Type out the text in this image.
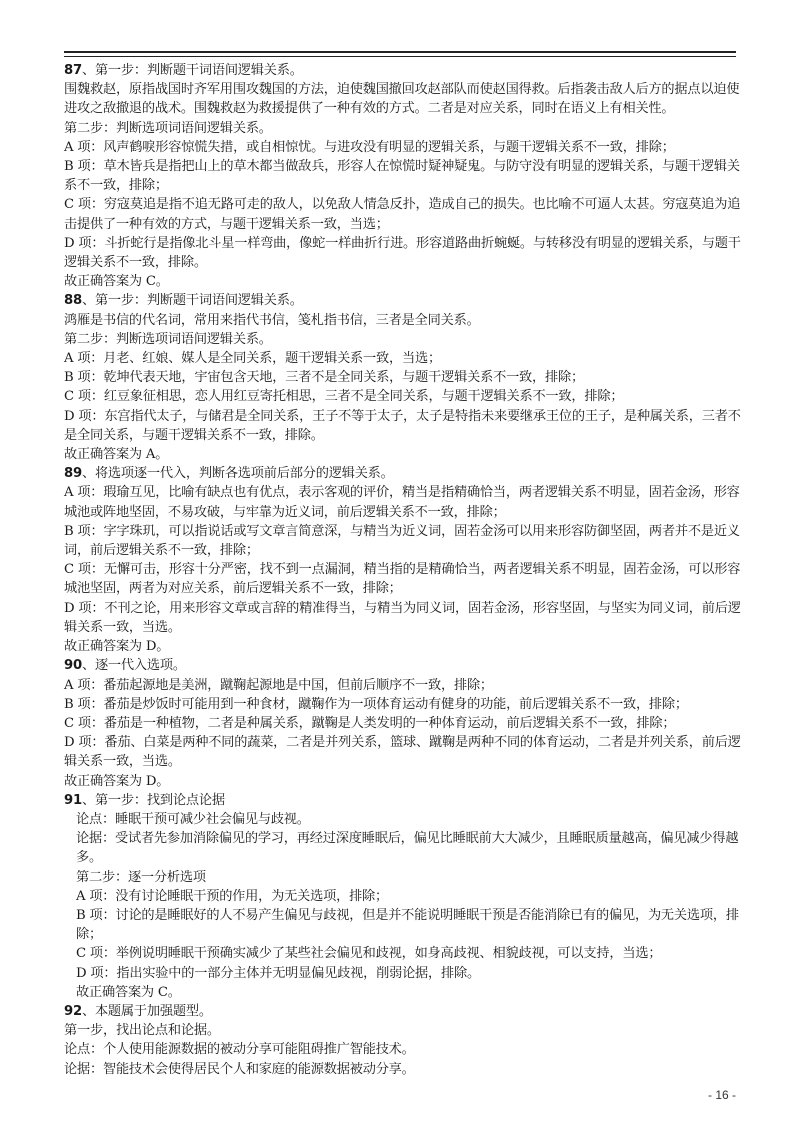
87、第一步：判断题干词语间逻辑关系。

围魏救赵，原指战国时齐军用围攻魏国的方法，迫使魏国撤回攻赵部队而使赵国得救。后指袭击敌人后方的据点以迫使进攻之敌撤退的战术。围魏救赵为救援提供了一种有效的方式。二者是对应关系，同时在语义上有相关性。

第二步：判断选项词语间逻辑关系。

A 项：风声鹤唳形容惊慌失措，或自相惊忧。与进攻没有明显的逻辑关系，与题干逻辑关系不一致，排除；

B 项：草木皆兵是指把山上的草木都当做敌兵，形容人在惊慌时疑神疑鬼。与防守没有明显的逻辑关系，与题干逻辑关系不一致，排除；

C 项：穷寇莫追是指不追无路可走的敌人，以免敌人情急反扑，造成自己的损失。也比喻不可逼人太甚。穷寇莫追为追击提供了一种有效的方式，与题干逻辑关系一致，当选；

D 项：斗折蛇行是指像北斗星一样弯曲，像蛇一样曲折行进。形容道路曲折蜿蜒。与转移没有明显的逻辑关系，与题干逻辑关系不一致，排除。

故正确答案为 C。

88、第一步：判断题干词语间逻辑关系。

鸿雁是书信的代名词，常用来指代书信，笺札指书信，三者是全同关系。

第二步：判断选项词语间逻辑关系。

A 项：月老、红娘、媒人是全同关系，题干逻辑关系一致，当选；

B 项：乾坤代表天地，宇宙包含天地，三者不是全同关系，与题干逻辑关系不一致，排除；

C 项：红豆象征相思，恋人用红豆寄托相思，三者不是全同关系，与题干逻辑关系不一致，排除；

D 项：东宫指代太子，与储君是全同关系，王子不等于太子，太子是特指未来要继承王位的王子，是种属关系，三者不是全同关系，与题干逻辑关系不一致，排除。

故正确答案为 A。

89、将选项逐一代入，判断各选项前后部分的逻辑关系。

A 项：瑕瑜互见，比喻有缺点也有优点，表示客观的评价，精当是指精确恰当，两者逻辑关系不明显，固若金汤，形容城池或阵地坚固，不易攻破，与牢靠为近义词，前后逻辑关系不一致，排除；

B 项：字字珠玑，可以指说话或写文章言简意深，与精当为近义词，固若金汤可以用来形容防御坚固，两者并不是近义词，前后逻辑关系不一致，排除；

C 项：无懈可击，形容十分严密，找不到一点漏洞，精当指的是精确恰当，两者逻辑关系不明显，固若金汤，可以形容城池坚固，两者为对应关系，前后逻辑关系不一致，排除；

D 项：不刊之论，用来形容文章或言辞的精准得当，与精当为同义词，固若金汤，形容坚固，与坚实为同义词，前后逻辑关系一致，当选。

故正确答案为 D。

90、逐一代入选项。

A 项：番茄起源地是美洲，蹴鞠起源地是中国，但前后顺序不一致，排除；

B 项：番茄是炒饭时可能用到一种食材，蹴鞠作为一项体育运动有健身的功能，前后逻辑关系不一致，排除；

C 项：番茄是一种植物，二者是种属关系，蹴鞠是人类发明的一种体育运动，前后逻辑关系不一致，排除；

D 项：番茄、白菜是两种不同的蔬菜，二者是并列关系，篮球、蹴鞠是两种不同的体育运动，二者是并列关系，前后逻辑关系一致，当选。

故正确答案为 D。

91、第一步：找到论点论据

论点：睡眠干预可减少社会偏见与歧视。

论据：受试者先参加消除偏见的学习，再经过深度睡眠后，偏见比睡眠前大大减少，且睡眠质量越高，偏见减少得越多。

第二步：逐一分析选项

A 项：没有讨论睡眠干预的作用，为无关选项，排除；

B 项：讨论的是睡眠好的人不易产生偏见与歧视，但是并不能说明睡眠干预是否能消除已有的偏见，为无关选项，排除；

C 项：举例说明睡眠干预确实减少了某些社会偏见和歧视，如身高歧视、相貌歧视，可以支持，当选；

D 项：指出实验中的一部分主体并无明显偏见歧视，削弱论据，排除。

故正确答案为 C。

92、本题属于加强题型。

第一步，找出论点和论据。

论点：个人使用能源数据的被动分享可能阻碍推广智能技术。

论据：智能技术会使得居民个人和家庭的能源数据被动分享。

- 16 -
